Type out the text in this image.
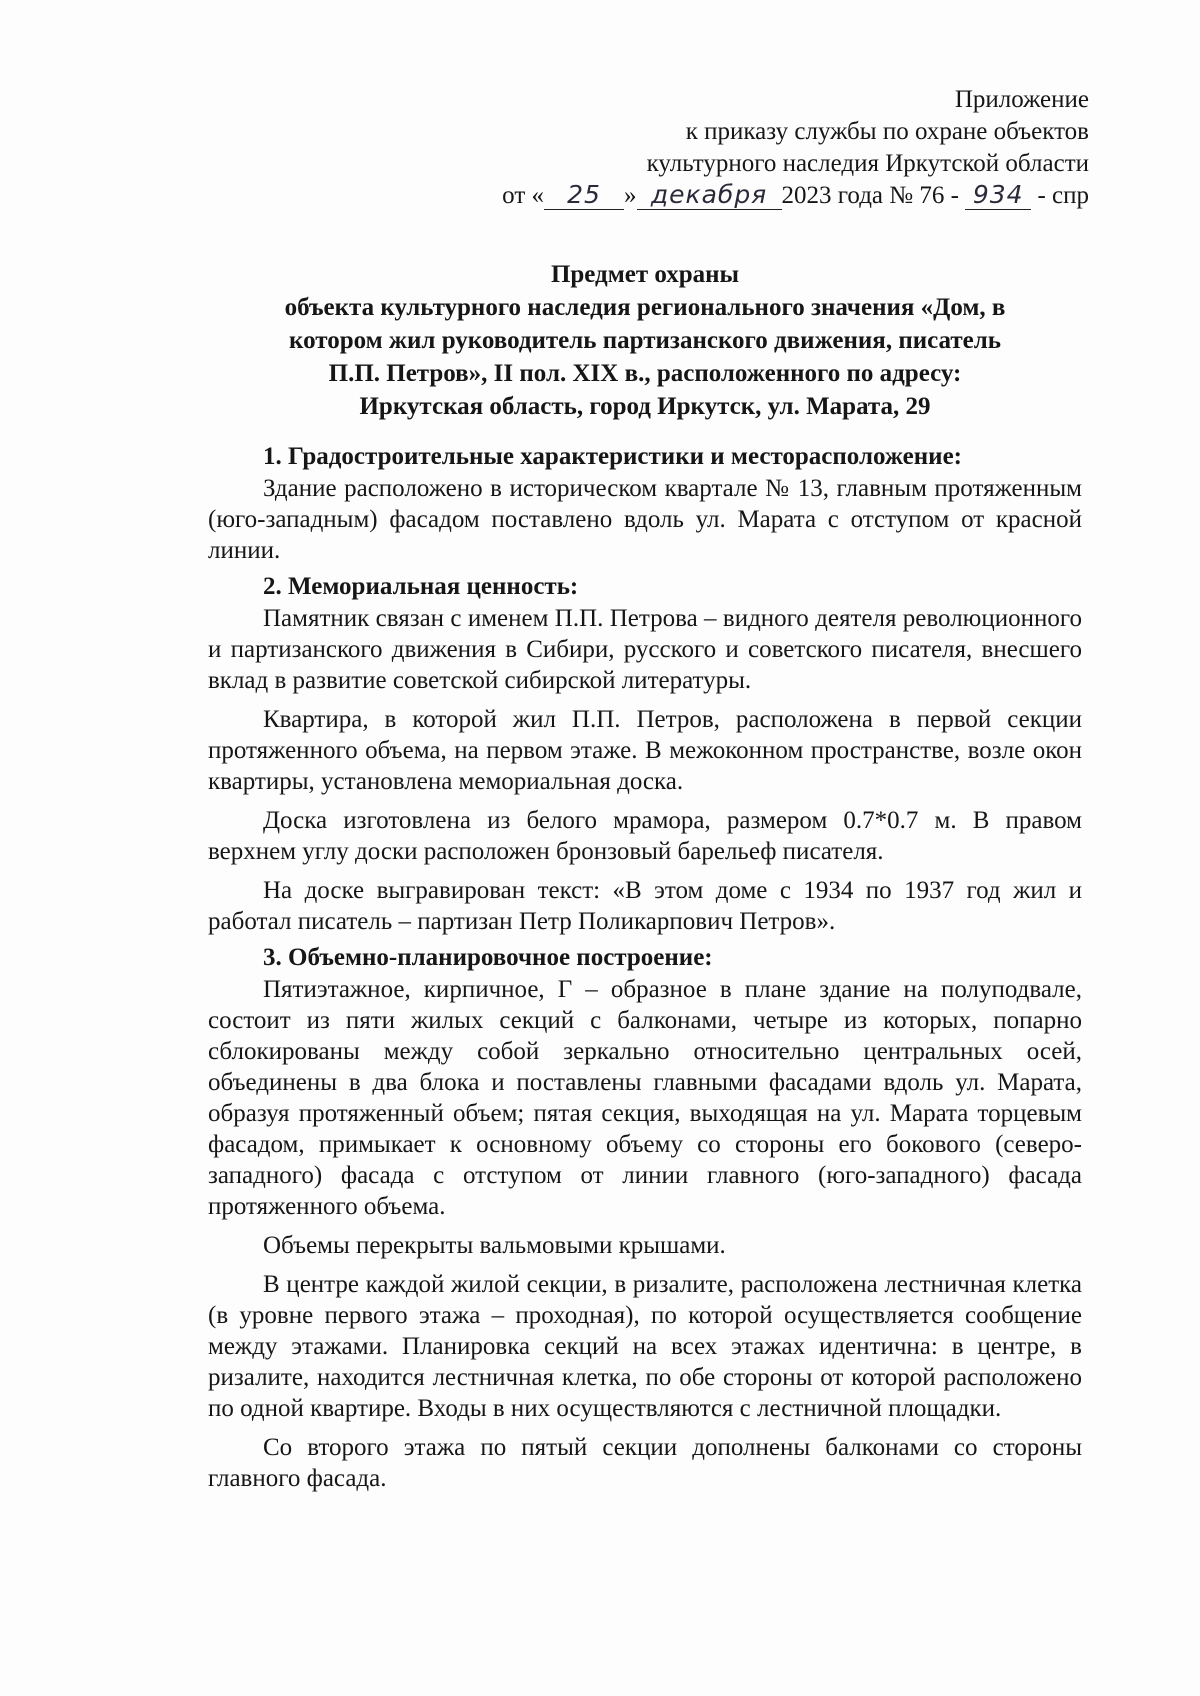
Приложение
к приказу службы по охране объектов
культурного наследия Иркутской области
от « 25 » декабря 2023 года № 76 - 934 - спр
Предмет охраны
объекта культурного наследия регионального значения «Дом, в
котором жил руководитель партизанского движения, писатель
П.П. Петров», II пол. XIX в., расположенного по адресу:
Иркутская область, город Иркутск, ул. Марата, 29
1. Градостроительные характеристики и месторасположение:

Здание расположено в историческом квартале № 13, главным протяженным (юго-западным) фасадом поставлено вдоль ул. Марата с отступом от красной линии.

2. Мемориальная ценность:

Памятник связан с именем П.П. Петрова – видного деятеля революционного и партизанского движения в Сибири, русского и советского писателя, внесшего вклад в развитие советской сибирской литературы.

Квартира, в которой жил П.П. Петров, расположена в первой секции протяженного объема, на первом этаже. В межоконном пространстве, возле окон квартиры, установлена мемориальная доска.

Доска изготовлена из белого мрамора, размером 0.7*0.7 м. В правом верхнем углу доски расположен бронзовый барельеф писателя.

На доске выгравирован текст: «В этом доме с 1934 по 1937 год жил и работал писатель – партизан Петр Поликарпович Петров».

3. Объемно-планировочное построение:

Пятиэтажное, кирпичное, Г – образное в плане здание на полуподвале, состоит из пяти жилых секций с балконами, четыре из которых, попарно сблокированы между собой зеркально относительно центральных осей, объединены в два блока и поставлены главными фасадами вдоль ул. Марата, образуя протяженный объем; пятая секция, выходящая на ул. Марата торцевым фасадом, примыкает к основному объему со стороны его бокового (северо-западного) фасада с отступом от линии главного (юго-западного) фасада протяженного объема.

Объемы перекрыты вальмовыми крышами.

В центре каждой жилой секции, в ризалите, расположена лестничная клетка (в уровне первого этажа – проходная), по которой осуществляется сообщение между этажами. Планировка секций на всех этажах идентична: в центре, в ризалите, находится лестничная клетка, по обе стороны от которой расположено по одной квартире. Входы в них осуществляются с лестничной площадки.

Со второго этажа по пятый секции дополнены балконами со стороны главного фасада.
